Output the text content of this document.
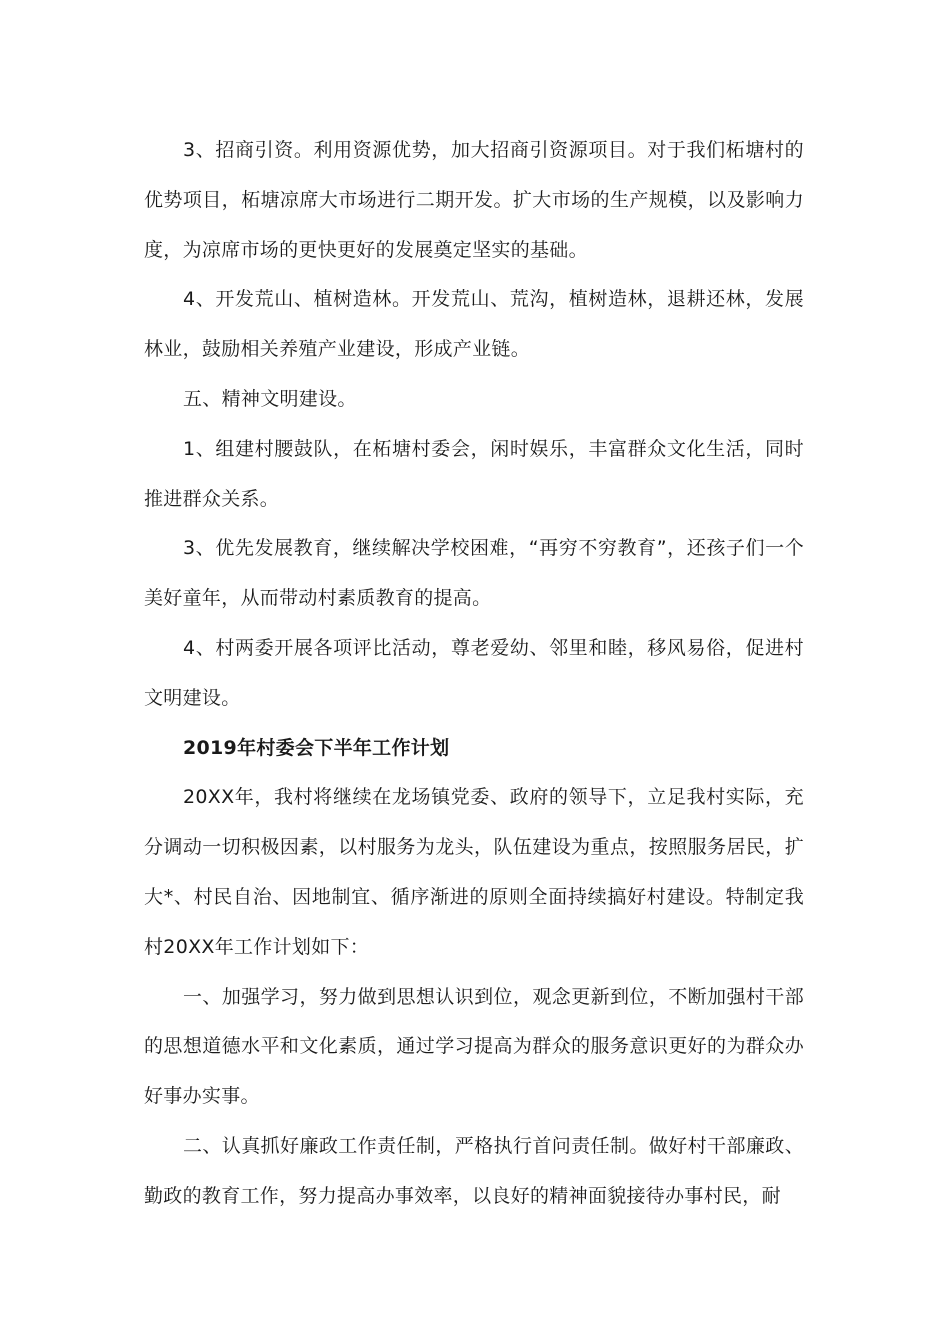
3、招商引资。利用资源优势，加大招商引资源项目。对于我们柘塘村的优势项目，柘塘凉席大市场进行二期开发。扩大市场的生产规模，以及影响力度，为凉席市场的更快更好的发展奠定坚实的基础。

4、开发荒山、植树造林。开发荒山、荒沟，植树造林，退耕还林，发展林业，鼓励相关养殖产业建设，形成产业链。

五、精神文明建设。

1、组建村腰鼓队，在柘塘村委会，闲时娱乐，丰富群众文化生活，同时推进群众关系。

3、优先发展教育，继续解决学校困难，“再穷不穷教育”，还孩子们一个美好童年，从而带动村素质教育的提高。

4、村两委开展各项评比活动，尊老爱幼、邻里和睦，移风易俗，促进村文明建设。

2019年村委会下半年工作计划

20XX年，我村将继续在龙场镇党委、政府的领导下，立足我村实际，充分调动一切积极因素，以村服务为龙头，队伍建设为重点，按照服务居民，扩大*、村民自治、因地制宜、循序渐进的原则全面持续搞好村建设。特制定我村20XX年工作计划如下：

一、加强学习，努力做到思想认识到位，观念更新到位，不断加强村干部的思想道德水平和文化素质，通过学习提高为群众的服务意识更好的为群众办好事办实事。

二、认真抓好廉政工作责任制，严格执行首问责任制。做好村干部廉政、勤政的教育工作，努力提高办事效率，以良好的精神面貌接待办事村民，耐
